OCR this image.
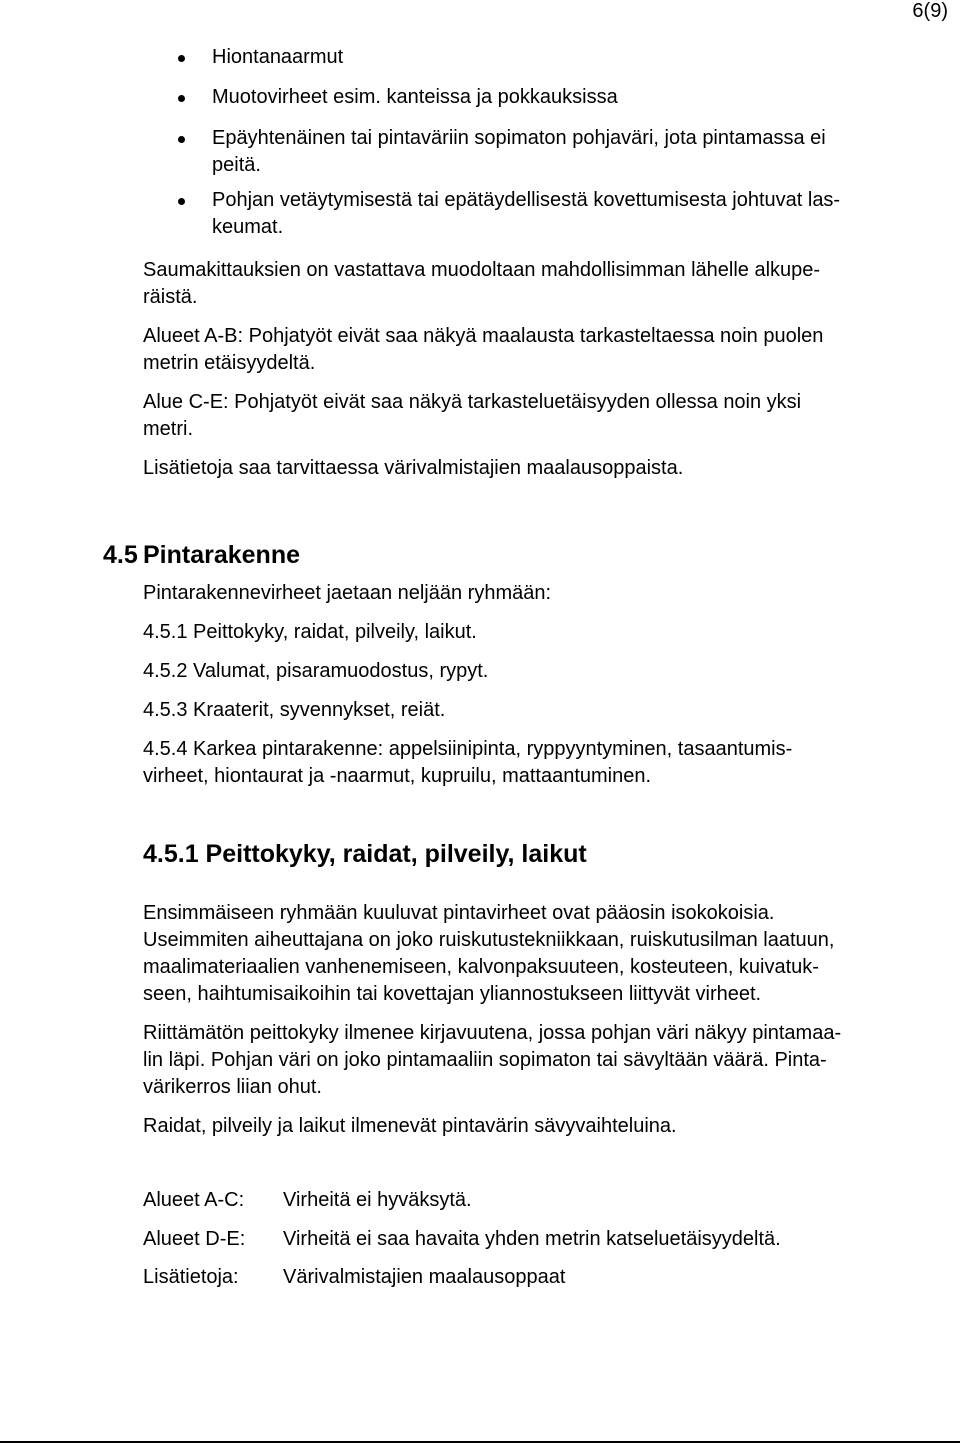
6(9)
Hiontanaarmut
Muotovirheet esim. kanteissa ja pokkauksissa
Epäyhtenäinen tai pintaväriin sopimaton pohjaväri, jota pintamassa ei
peitä.
Pohjan vetäytymisestä tai epätäydellisestä kovettumisesta johtuvat las-
keumat.
Saumakittauksien on vastattava muodoltaan mahdollisimman lähelle alkupe-
räistä.
Alueet A-B: Pohjatyöt eivät saa näkyä maalausta tarkasteltaessa noin puolen
metrin etäisyydeltä.
Alue C-E: Pohjatyöt eivät saa näkyä tarkasteluetäisyyden ollessa noin yksi
metri.
Lisätietoja saa tarvittaessa värivalmistajien maalausoppaista.
4.5 Pintarakenne
Pintarakennevirheet jaetaan neljään ryhmään:
4.5.1 Peittokyky, raidat, pilveily, laikut.
4.5.2 Valumat, pisaramuodostus, rypyt.
4.5.3 Kraaterit, syvennykset, reiät.
4.5.4 Karkea pintarakenne: appelsiinipinta, ryppyyntyminen, tasaantumis-
virheet, hiontaurat ja -naarmut, kupruilu, mattaantuminen.
4.5.1 Peittokyky, raidat, pilveily, laikut
Ensimmäiseen ryhmään kuuluvat pintavirheet ovat pääosin isokokoisia.
Useimmiten aiheuttajana on joko ruiskutustekniikkaan, ruiskutusilman laatuun,
maalimateriaalien vanhenemiseen, kalvonpaksuuteen, kosteuteen, kuivatuk-
seen, haihtumisaikoihin tai kovettajan yliannostukseen liittyvät virheet.
Riittämätön peittokyky ilmenee kirjavuutena, jossa pohjan väri näkyy pintamaa-
lin läpi. Pohjan väri on joko pintamaaliin sopimaton tai sävyltään väärä. Pinta-
värikerros liian ohut.
Raidat, pilveily ja laikut ilmenevät pintavärin sävyvaihteluina.
Alueet A-C: Virheitä ei hyväksytä.
Alueet D-E: Virheitä ei saa havaita yhden metrin katseluetäisyydeltä.
Lisätietoja: Värivalmistajien maalausoppaat
